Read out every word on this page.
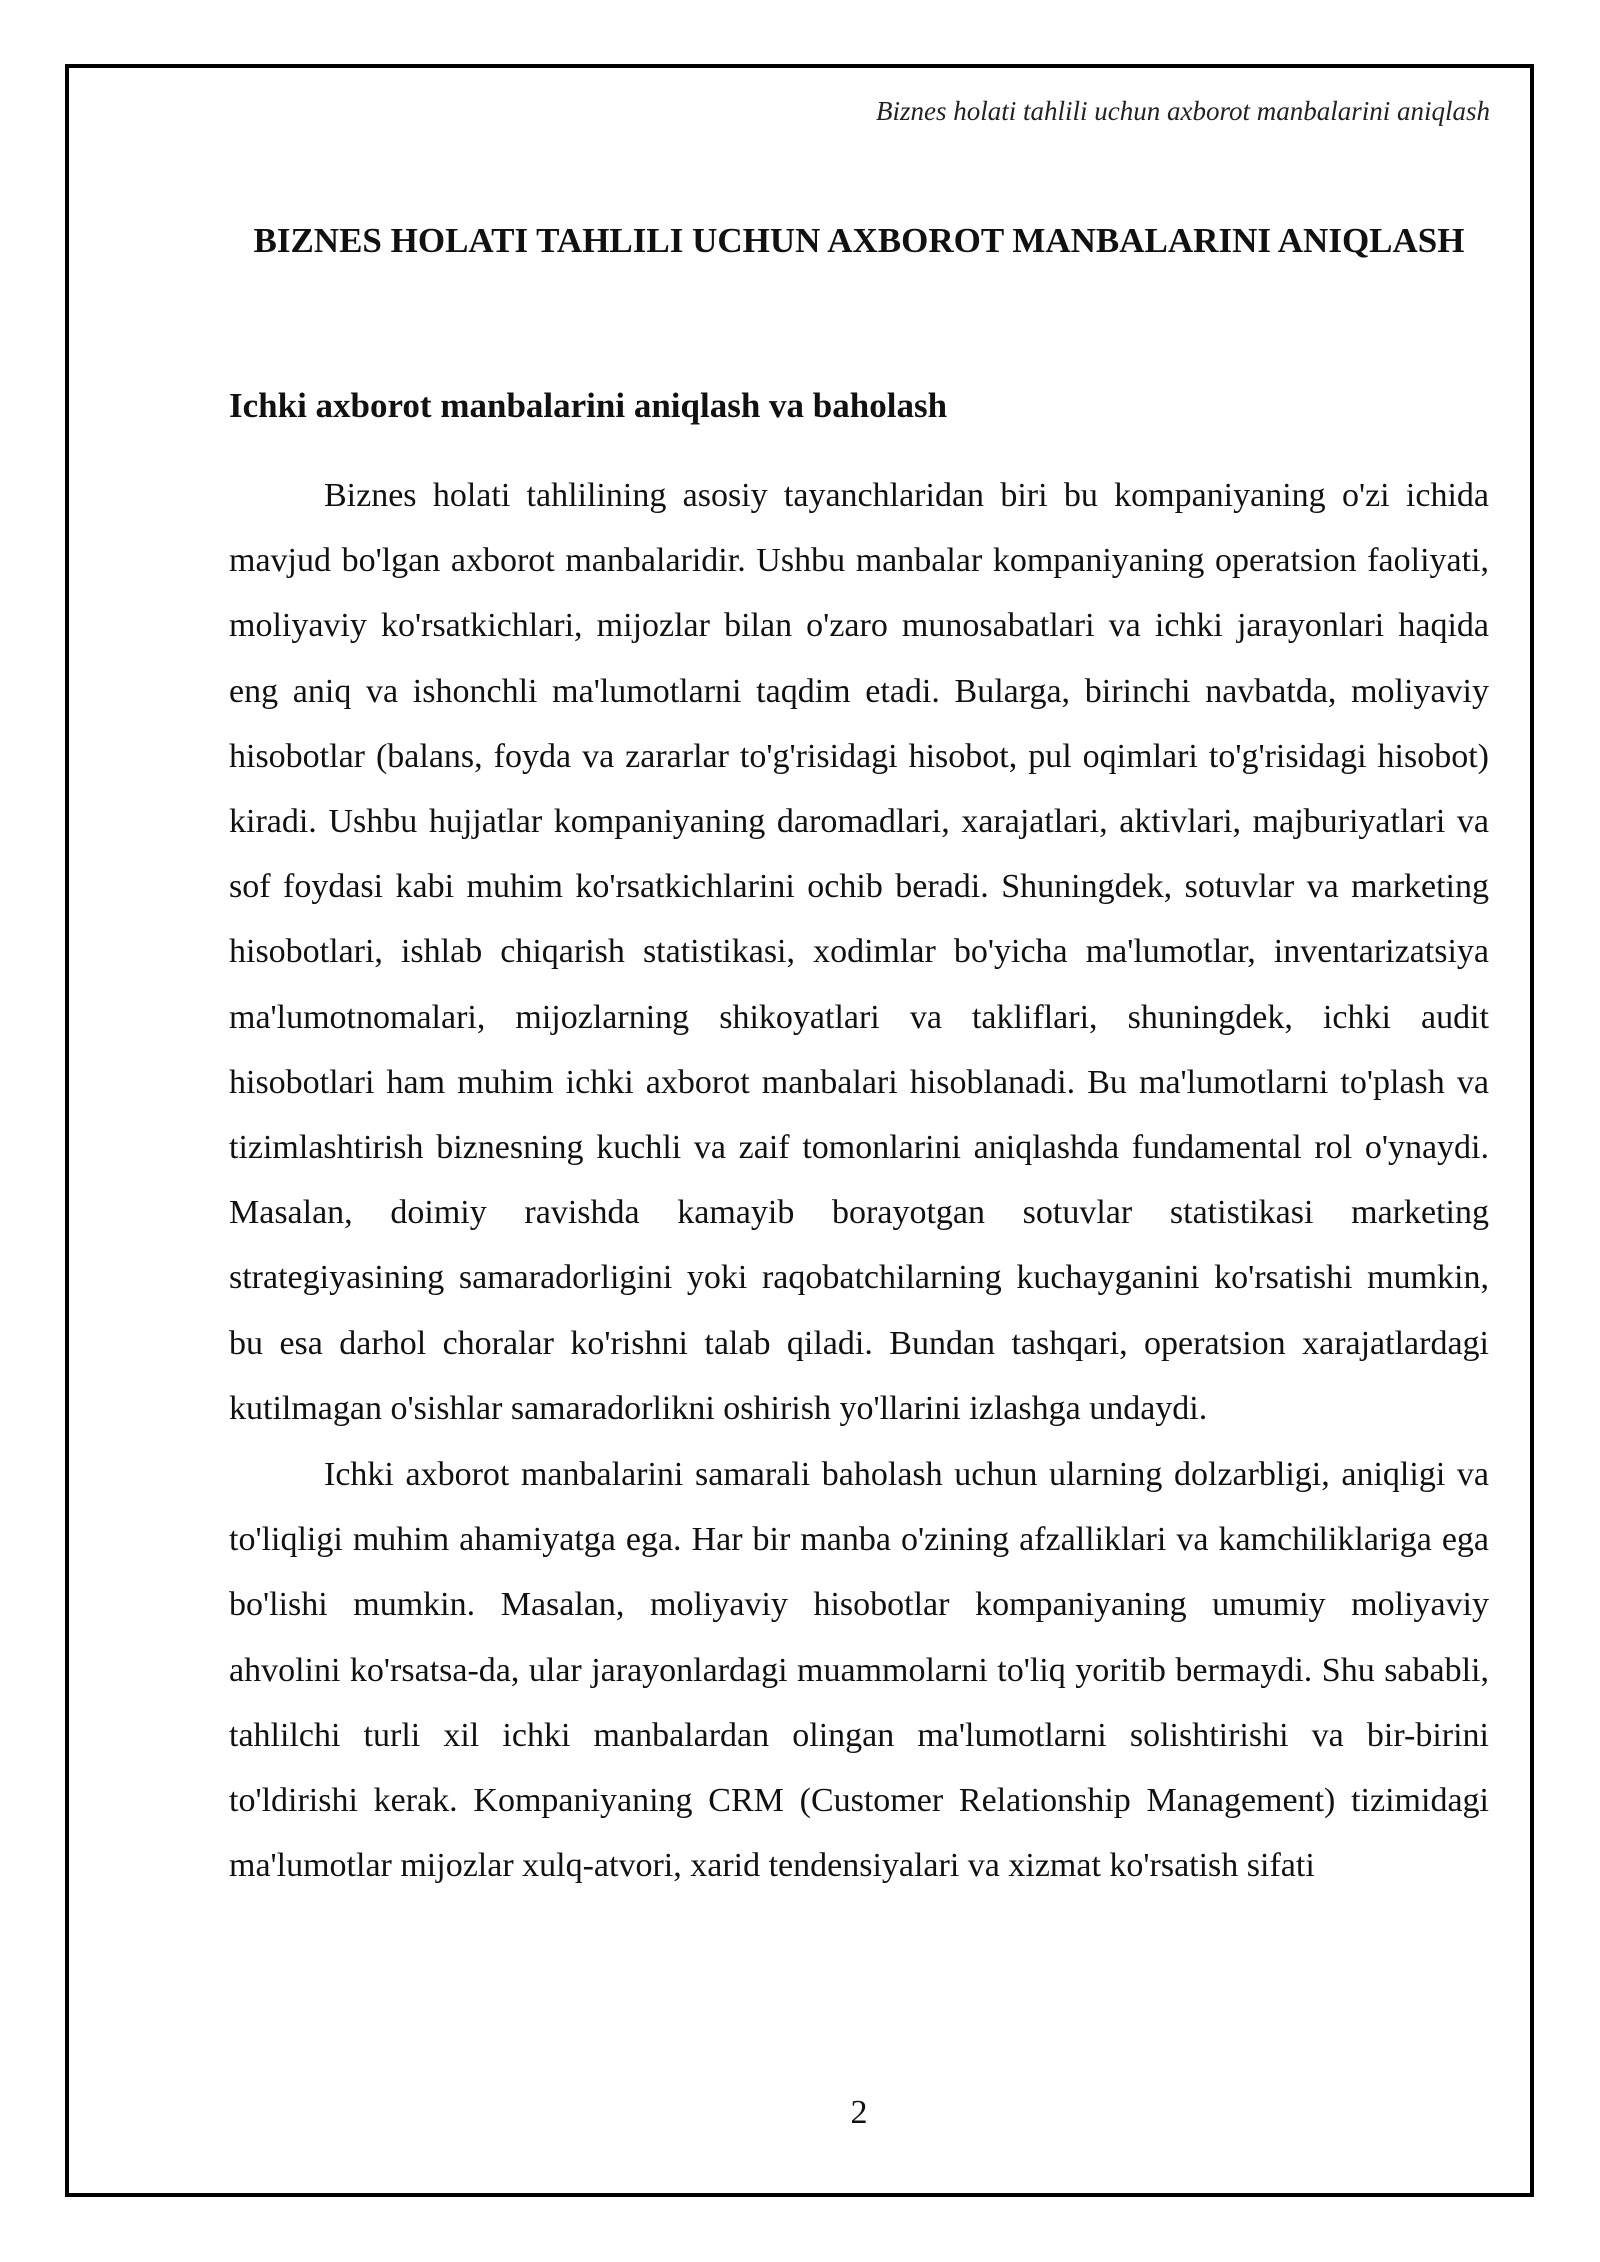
Biznes holati tahlili uchun axborot manbalarini aniqlash
BIZNES HOLATI TAHLILI UCHUN AXBOROT MANBALARINI ANIQLASH
Ichki axborot manbalarini aniqlash va baholash

Biznes holati tahlilining asosiy tayanchlaridan biri bu kompaniyaning o'zi ichida mavjud bo'lgan axborot manbalaridir. Ushbu manbalar kompaniyaning operatsion faoliyati, moliyaviy ko'rsatkichlari, mijozlar bilan o'zaro munosabatlari va ichki jarayonlari haqida eng aniq va ishonchli ma'lumotlarni taqdim etadi. Bularga, birinchi navbatda, moliyaviy hisobotlar (balans, foyda va zararlar to'g'risidagi hisobot, pul oqimlari to'g'risidagi hisobot) kiradi. Ushbu hujjatlar kompaniyaning daromadlari, xarajatlari, aktivlari, majburiyatlari va sof foydasi kabi muhim ko'rsatkichlarini ochib beradi. Shuningdek, sotuvlar va marketing hisobotlari, ishlab chiqarish statistikasi, xodimlar bo'yicha ma'lumotlar, inventarizatsiya ma'lumotnomalari, mijozlarning shikoyatlari va takliflari, shuningdek, ichki audit hisobotlari ham muhim ichki axborot manbalari hisoblanadi. Bu ma'lumotlarni to'plash va tizimlashtirish biznesning kuchli va zaif tomonlarini aniqlashda fundamental rol o'ynaydi. Masalan, doimiy ravishda kamayib borayotgan sotuvlar statistikasi marketing strategiyasining samaradorligini yoki raqobatchilarning kuchayganini ko'rsatishi mumkin, bu esa darhol choralar ko'rishni talab qiladi. Bundan tashqari, operatsion xarajatlardagi kutilmagan o'sishlar samaradorlikni oshirish yo'llarini izlashga undaydi.

Ichki axborot manbalarini samarali baholash uchun ularning dolzarbligi, aniqligi va to'liqligi muhim ahamiyatga ega. Har bir manba o'zining afzalliklari va kamchiliklariga ega bo'lishi mumkin. Masalan, moliyaviy hisobotlar kompaniyaning umumiy moliyaviy ahvolini ko'rsatsa-da, ular jarayonlardagi muammolarni to'liq yoritib bermaydi. Shu sababli, tahlilchi turli xil ichki manbalardan olingan ma'lumotlarni solishtirishi va bir-birini to'ldirishi kerak. Kompaniyaning CRM (Customer Relationship Management) tizimidagi ma'lumotlar mijozlar xulq-atvori, xarid tendensiyalari va xizmat ko'rsatish sifati

2
